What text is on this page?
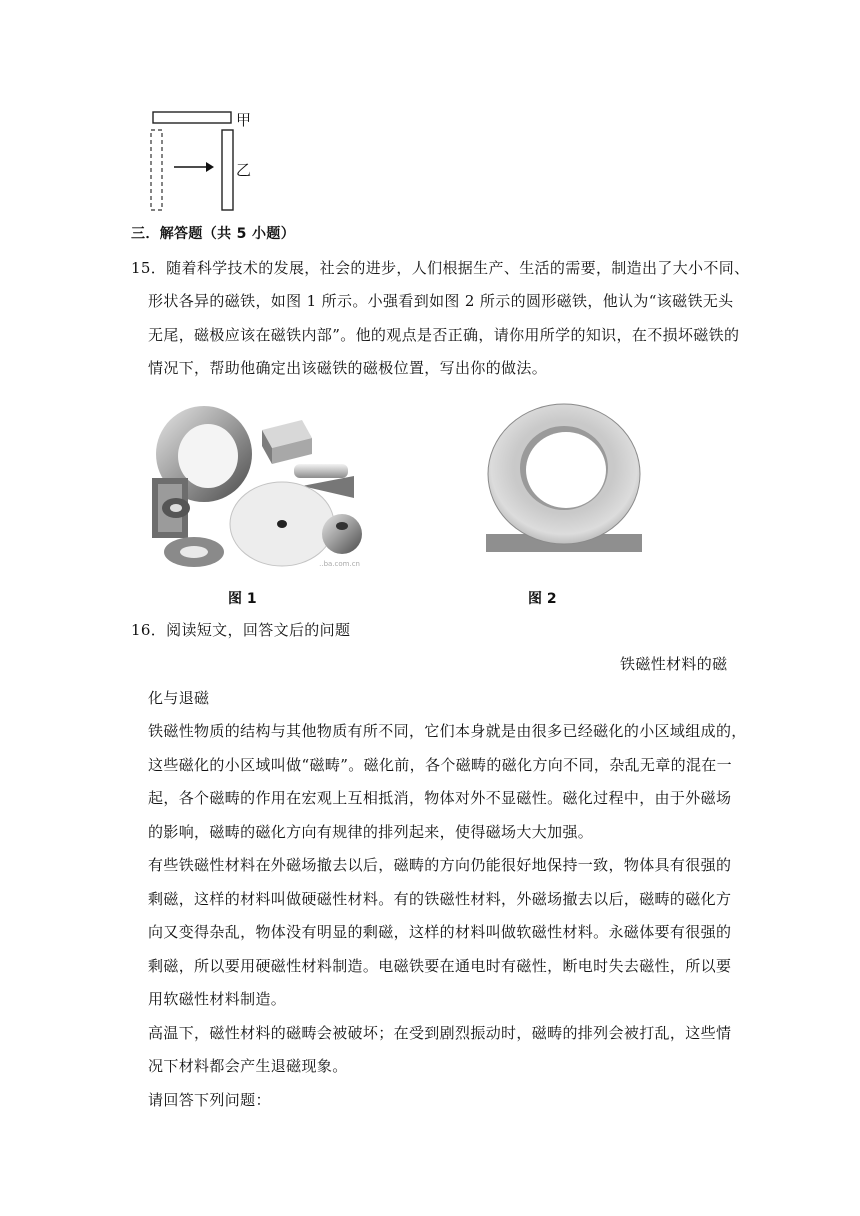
甲
乙
三．解答题（共 5 小题）
15．随着科学技术的发展，社会的进步，人们根据生产、生活的需要，制造出了大小不同、
形状各异的磁铁，如图 1 所示。小强看到如图 2 所示的圆形磁铁，他认为“该磁铁无头
无尾，磁极应该在磁铁内部”。他的观点是否正确，请你用所学的知识，在不损坏磁铁的
情况下，帮助他确定出该磁铁的磁极位置，写出你的做法。
..ba.com.cn
图 1	图 2
16．阅读短文，回答文后的问题
铁磁性材料的磁
化与退磁
铁磁性物质的结构与其他物质有所不同，它们本身就是由很多已经磁化的小区域组成的，
这些磁化的小区域叫做“磁畴”。磁化前，各个磁畴的磁化方向不同，杂乱无章的混在一
起，各个磁畴的作用在宏观上互相抵消，物体对外不显磁性。磁化过程中，由于外磁场
的影响，磁畴的磁化方向有规律的排列起来，使得磁场大大加强。
有些铁磁性材料在外磁场撤去以后，磁畴的方向仍能很好地保持一致，物体具有很强的
剩磁，这样的材料叫做硬磁性材料。有的铁磁性材料，外磁场撤去以后，磁畴的磁化方
向又变得杂乱，物体没有明显的剩磁，这样的材料叫做软磁性材料。永磁体要有很强的
剩磁，所以要用硬磁性材料制造。电磁铁要在通电时有磁性，断电时失去磁性，所以要
用软磁性材料制造。
高温下，磁性材料的磁畴会被破坏；在受到剧烈振动时，磁畴的排列会被打乱，这些情
况下材料都会产生退磁现象。
请回答下列问题：
